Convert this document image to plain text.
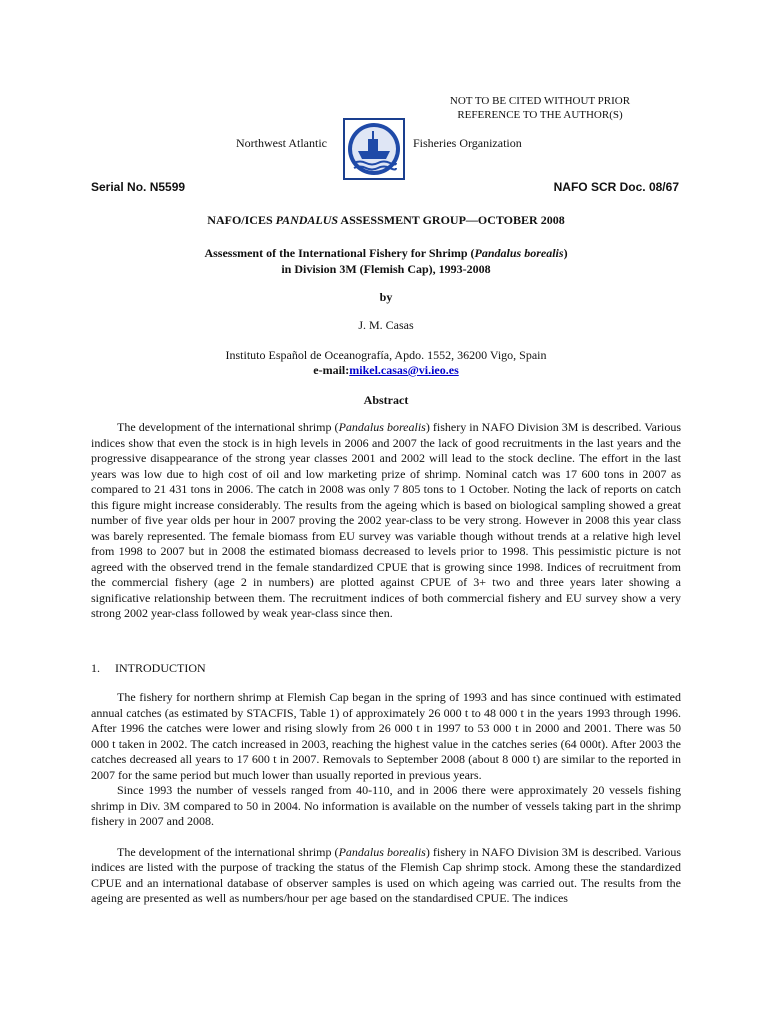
NOT TO BE CITED WITHOUT PRIOR
REFERENCE TO THE AUTHOR(S)
Northwest Atlantic	Fisheries Organization
Serial No. N5599	NAFO SCR Doc. 08/67
NAFO/ICES PANDALUS ASSESSMENT GROUP—OCTOBER 2008
Assessment of the International Fishery for Shrimp (Pandalus borealis)
in Division 3M (Flemish Cap), 1993-2008
by
J. M. Casas
Instituto Español de Oceanografía, Apdo. 1552, 36200 Vigo, Spain
e-mail:mikel.casas@vi.ieo.es
Abstract

The development of the international shrimp (Pandalus borealis) fishery in NAFO Division 3M is described. Various indices show that even the stock is in high levels in 2006 and 2007 the lack of good recruitments in the last years and the progressive disappearance of the strong year classes 2001 and 2002 will lead to the stock decline. The effort in the last years was low due to high cost of oil and low marketing prize of shrimp. Nominal catch was 17 600 tons in 2007 as compared to 21 431 tons in 2006. The catch in 2008 was only 7 805 tons to 1 October. Noting the lack of reports on catch this figure might increase considerably. The results from the ageing which is based on biological sampling showed a great number of five year olds per hour in 2007 proving the 2002 year-class to be very strong. However in 2008 this year class was barely represented. The female biomass from EU survey was variable though without trends at a relative high level from 1998 to 2007 but in 2008 the estimated biomass decreased to levels prior to 1998. This pessimistic picture is not agreed with the observed trend in the female standardized CPUE that is growing since 1998. Indices of recruitment from the commercial fishery (age 2 in numbers) are plotted against CPUE of 3+ two and three years later showing a significative relationship between them. The recruitment indices of both commercial fishery and EU survey show a very strong 2002 year-class followed by weak year-class since then.

1. INTRODUCTION

The fishery for northern shrimp at Flemish Cap began in the spring of 1993 and has since continued with estimated annual catches (as estimated by STACFIS, Table 1) of approximately 26 000 t to 48 000 t in the years 1993 through 1996. After 1996 the catches were lower and rising slowly from 26 000 t in 1997 to 53 000 t in 2000 and 2001. There was 50 000 t taken in 2002. The catch increased in 2003, reaching the highest value in the catches series (64 000t). After 2003 the catches decreased all years to 17 600 t in 2007. Removals to September 2008 (about 8 000 t) are similar to the reported in 2007 for the same period but much lower than usually reported in previous years.

Since 1993 the number of vessels ranged from 40-110, and in 2006 there were approximately 20 vessels fishing shrimp in Div. 3M compared to 50 in 2004. No information is available on the number of vessels taking part in the shrimp fishery in 2007 and 2008.

The development of the international shrimp (Pandalus borealis) fishery in NAFO Division 3M is described. Various indices are listed with the purpose of tracking the status of the Flemish Cap shrimp stock. Among these the standardized CPUE and an international database of observer samples is used on which ageing was carried out. The results from the ageing are presented as well as numbers/hour per age based on the standardised CPUE. The indices
